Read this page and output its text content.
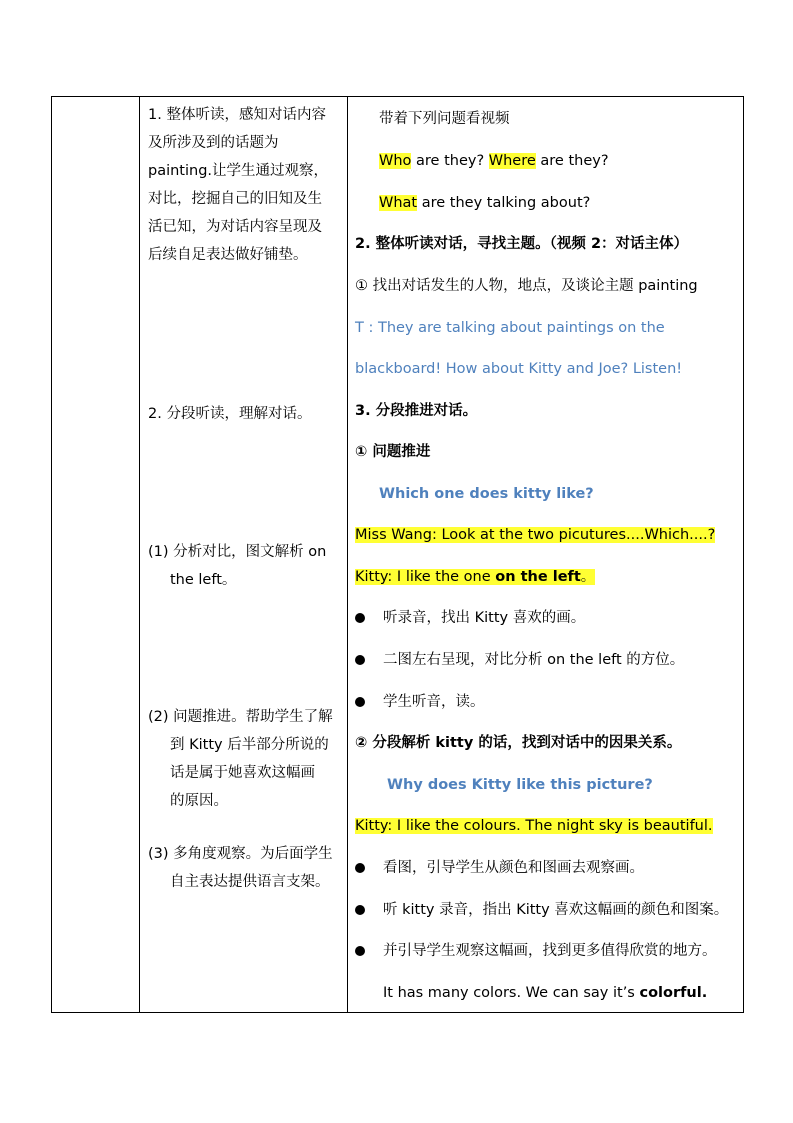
1. 整体听读，感知对话内容
及所涉及到的话题为
painting.让学生通过观察，
对比，挖掘自己的旧知及生
活已知，为对话内容呈现及
后续自足表达做好铺垫。
2. 分段听读，理解对话。
(1) 分析对比，图文解析 on
the left。
(2) 问题推进。帮助学生了解
到 Kitty 后半部分所说的
话是属于她喜欢这幅画
的原因。
(3) 多角度观察。为后面学生
自主表达提供语言支架。

带着下列问题看视频
Who are they? Where are they?
What are they talking about?
2. 整体听读对话，寻找主题。（视频 2：对话主体）
① 找出对话发生的人物，地点，及谈论主题 painting
T : They are talking about paintings on the
blackboard! How about Kitty and Joe? Listen!
3. 分段推进对话。
① 问题推进
Which one does kitty like?
Miss Wang: Look at the two picutures....Which....?
Kitty: I like the one on the left。
听录音，找出 Kitty 喜欢的画。
二图左右呈现，对比分析 on the left 的方位。
学生听音，读。
② 分段解析 kitty 的话，找到对话中的因果关系。
Why does Kitty like this picture?
Kitty: I like the colours. The night sky is beautiful.
看图，引导学生从颜色和图画去观察画。
听 kitty 录音，指出 Kitty 喜欢这幅画的颜色和图案。
并引导学生观察这幅画，找到更多值得欣赏的地方。
It has many colors. We can say it’s colorful.
